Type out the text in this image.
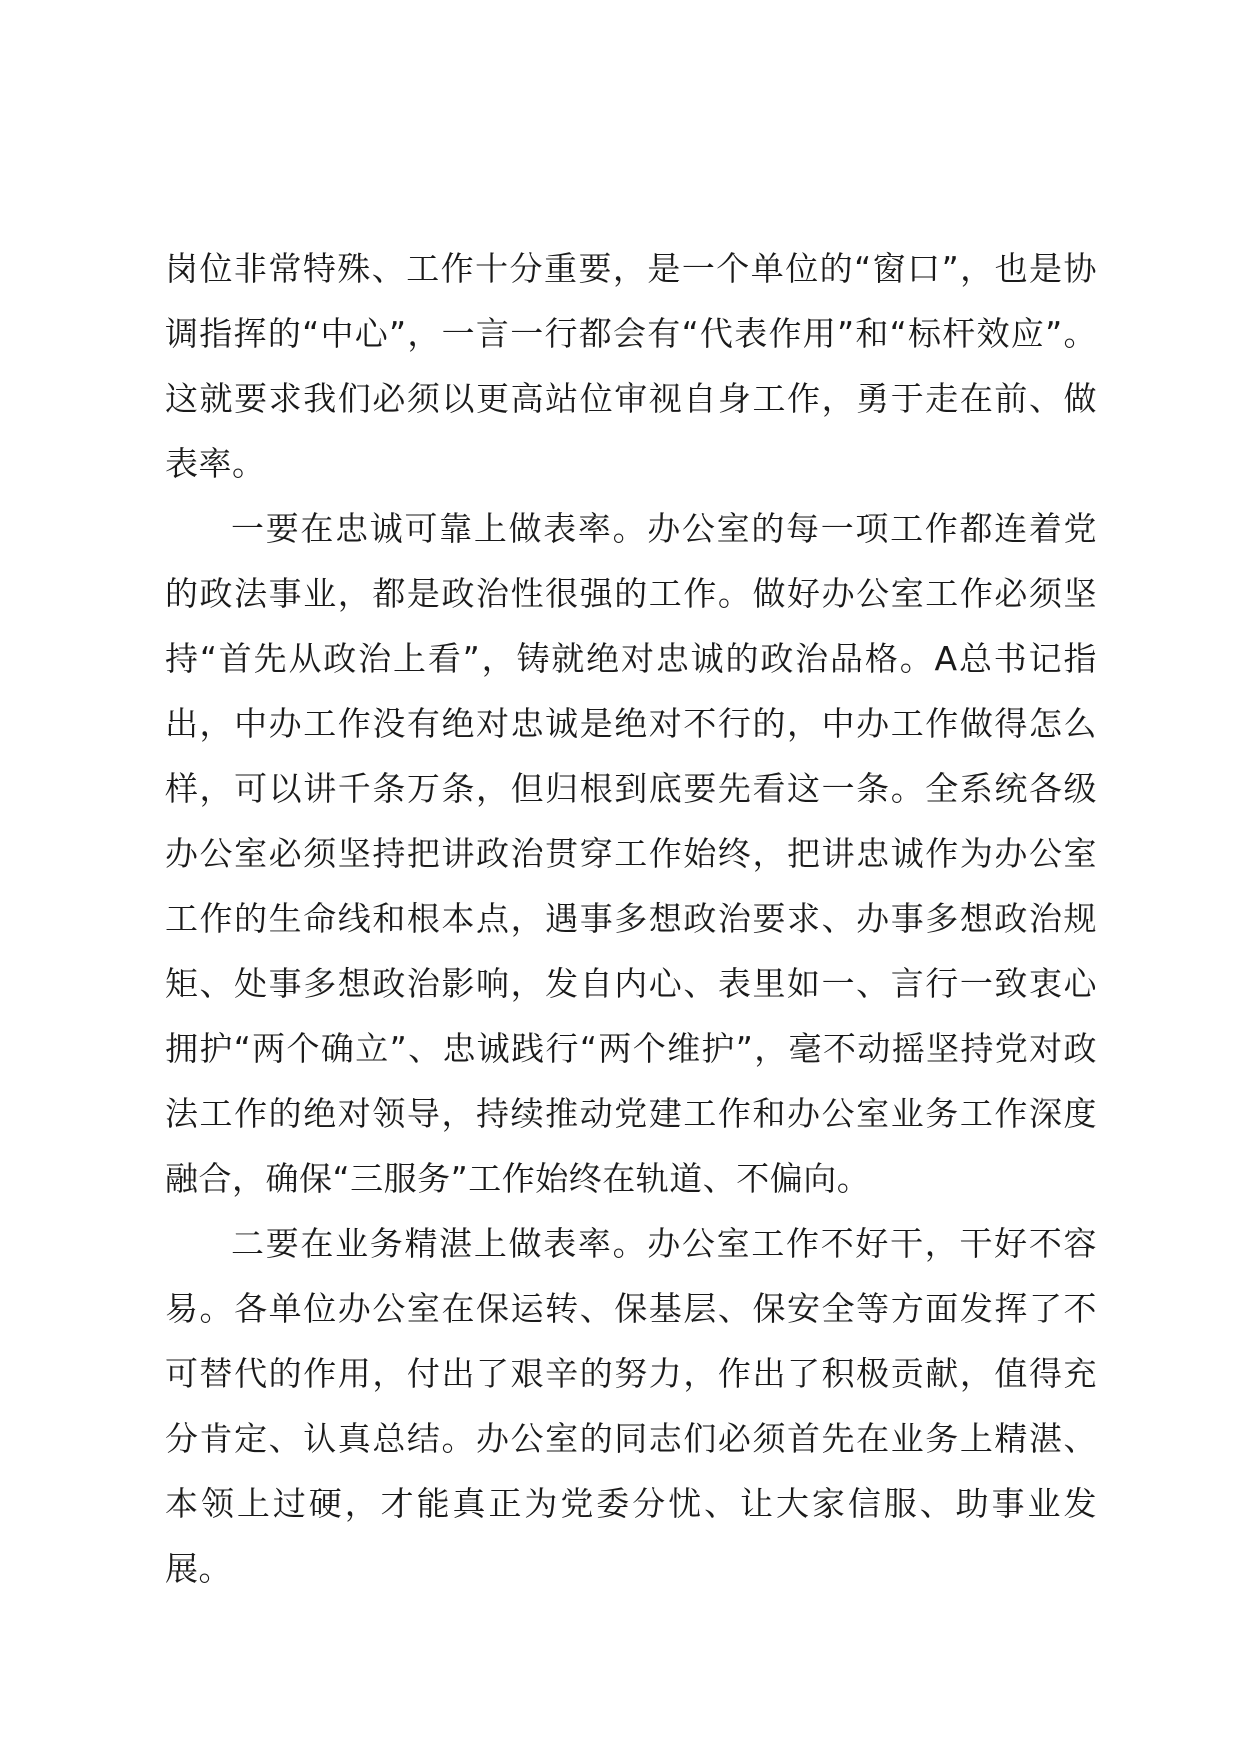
岗位非常特殊、工作十分重要，是一个单位的“窗口”，也是协调指挥的“中心”，一言一行都会有“代表作用”和“标杆效应”。这就要求我们必须以更高站位审视自身工作，勇于走在前、做表率。

一要在忠诚可靠上做表率。办公室的每一项工作都连着党的政法事业，都是政治性很强的工作。做好办公室工作必须坚持“首先从政治上看”，铸就绝对忠诚的政治品格。A总书记指出，中办工作没有绝对忠诚是绝对不行的，中办工作做得怎么样，可以讲千条万条，但归根到底要先看这一条。全系统各级办公室必须坚持把讲政治贯穿工作始终，把讲忠诚作为办公室工作的生命线和根本点，遇事多想政治要求、办事多想政治规矩、处事多想政治影响，发自内心、表里如一、言行一致衷心拥护“两个确立”、忠诚践行“两个维护”，毫不动摇坚持党对政法工作的绝对领导，持续推动党建工作和办公室业务工作深度融合，确保“三服务”工作始终在轨道、不偏向。

二要在业务精湛上做表率。办公室工作不好干，干好不容易。各单位办公室在保运转、保基层、保安全等方面发挥了不可替代的作用，付出了艰辛的努力，作出了积极贡献，值得充分肯定、认真总结。办公室的同志们必须首先在业务上精湛、本领上过硬，才能真正为党委分忧、让大家信服、助事业发展。
